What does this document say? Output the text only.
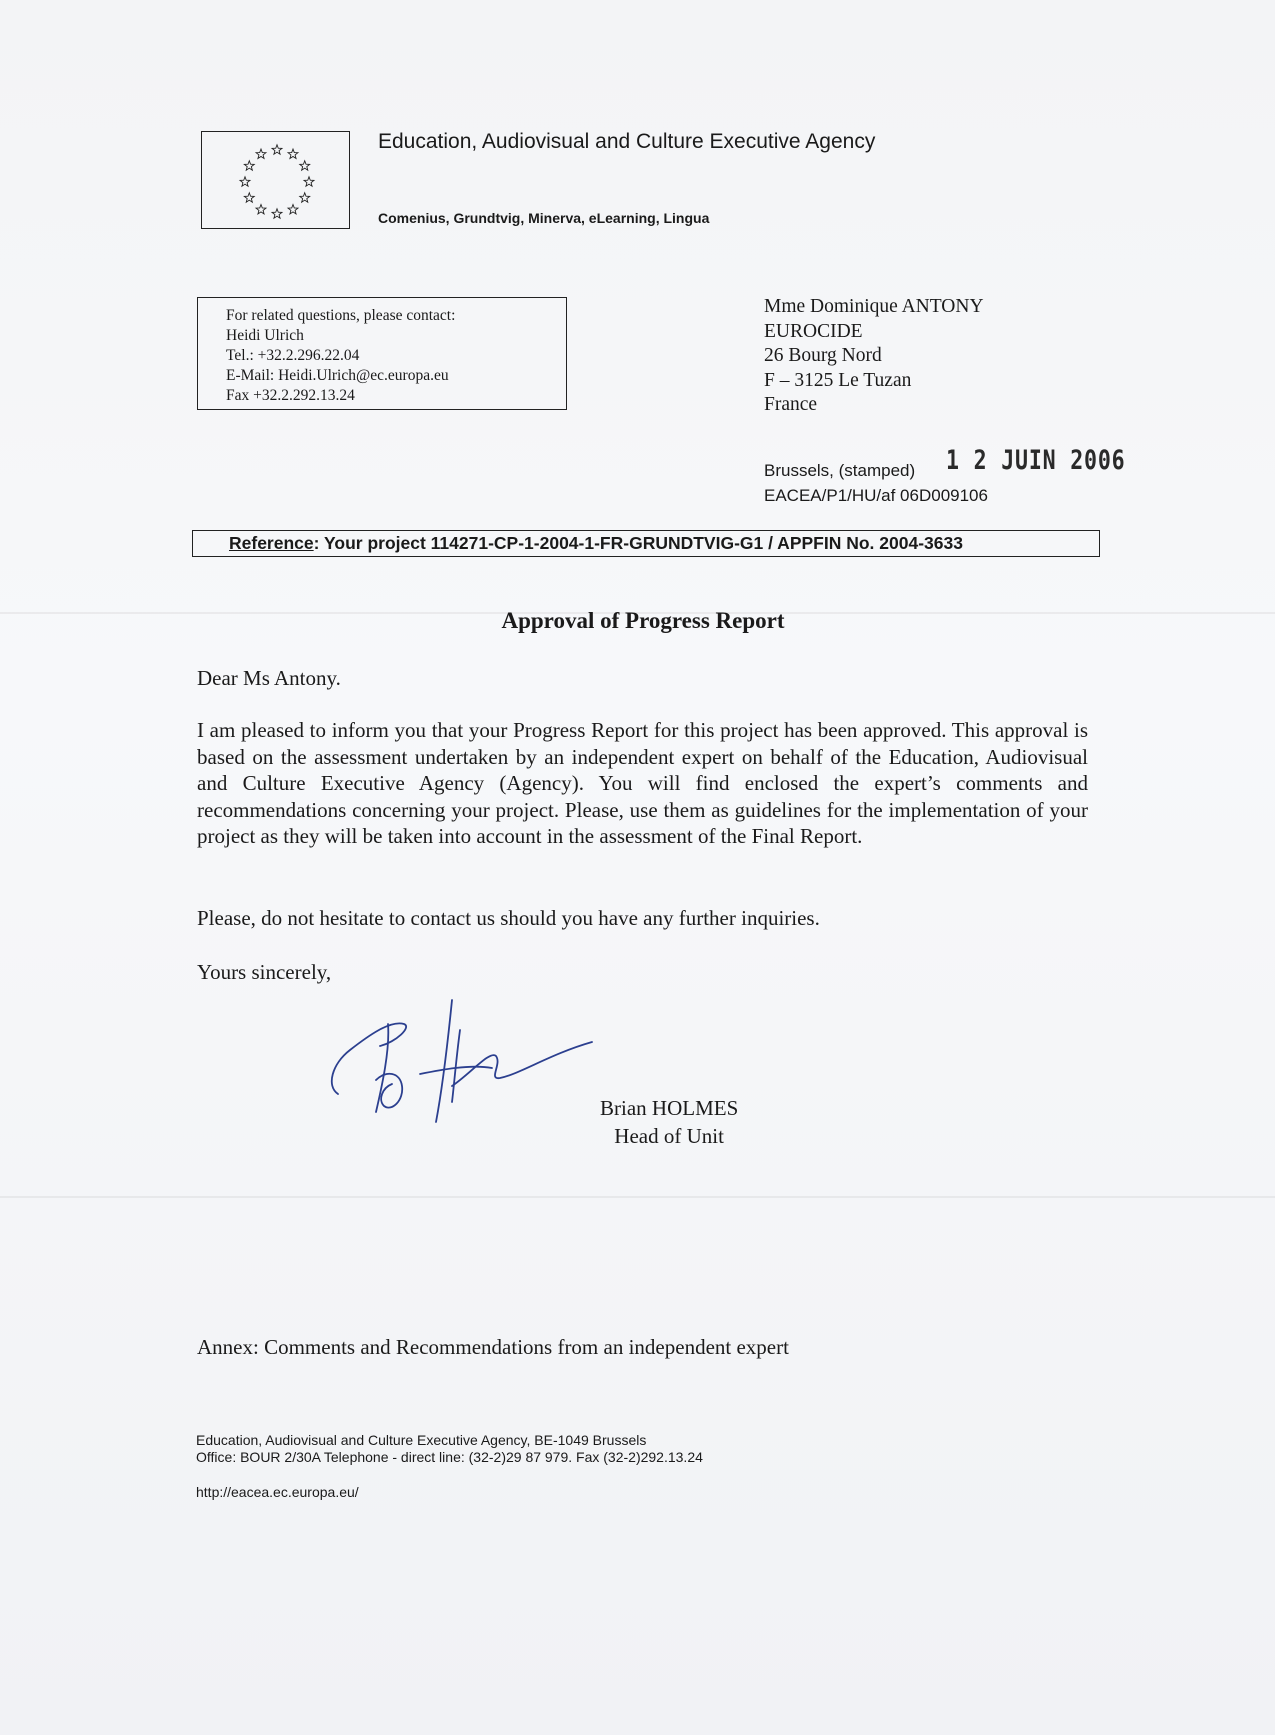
Education, Audiovisual and Culture Executive Agency
Comenius, Grundtvig, Minerva, eLearning, Lingua
For related questions, please contact:
Heidi Ulrich
Tel.: +32.2.296.22.04
E-Mail: Heidi.Ulrich@ec.europa.eu
Fax +32.2.292.13.24
Mme Dominique ANTONY
EUROCIDE
26 Bourg Nord
F – 3125 Le Tuzan
France
Brussels, (stamped) 1 2 JUIN 2006
EACEA/P1/HU/af 06D009106
Reference: Your project 114271-CP-1-2004-1-FR-GRUNDTVIG-G1 / APPFIN No. 2004-3633
Approval of Progress Report
Dear Ms Antony.
I am pleased to inform you that your Progress Report for this project has been approved. This approval is based on the assessment undertaken by an independent expert on behalf of the Education, Audiovisual and Culture Executive Agency (Agency). You will find enclosed the expert’s comments and recommendations concerning your project. Please, use them as guidelines for the implementation of your project as they will be taken into account in the assessment of the Final Report.
Please, do not hesitate to contact us should you have any further inquiries.
Yours sincerely,
Brian HOLMES
Head of Unit
Annex: Comments and Recommendations from an independent expert
Education, Audiovisual and Culture Executive Agency, BE-1049 Brussels
Office: BOUR 2/30A Telephone - direct line: (32-2)29 87 979. Fax (32-2)292.13.24
http://eacea.ec.europa.eu/
